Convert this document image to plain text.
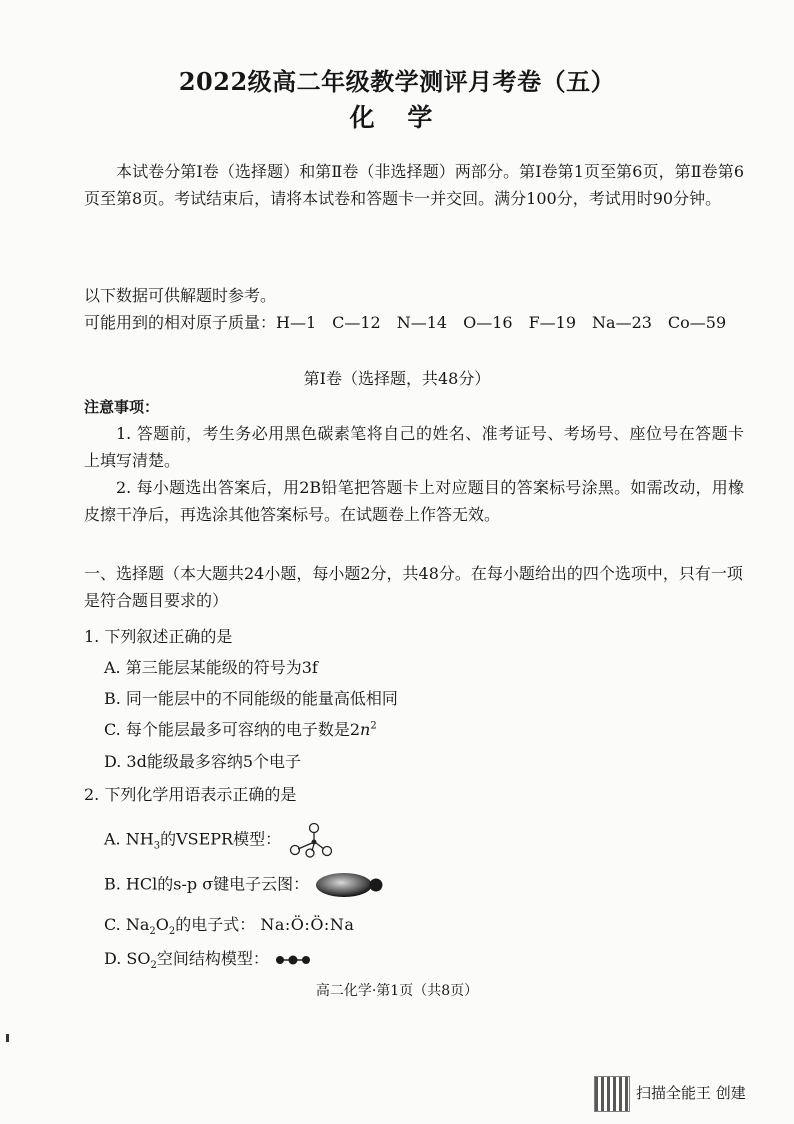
2022级高二年级教学测评月考卷（五）
化 学
本试卷分第Ⅰ卷（选择题）和第Ⅱ卷（非选择题）两部分。第Ⅰ卷第1页至第6页，第Ⅱ卷第6页至第8页。考试结束后，请将本试卷和答题卡一并交回。满分100分，考试用时90分钟。
以下数据可供解题时参考。
可能用到的相对原子质量：H—1　C—12　N—14　O—16　F—19　Na—23　Co—59
第Ⅰ卷（选择题，共48分）
注意事项：
1. 答题前，考生务必用黑色碳素笔将自己的姓名、准考证号、考场号、座位号在答题卡上填写清楚。
2. 每小题选出答案后，用2B铅笔把答题卡上对应题目的答案标号涂黑。如需改动，用橡皮擦干净后，再选涂其他答案标号。在试题卷上作答无效。
一、选择题（本大题共24小题，每小题2分，共48分。在每小题给出的四个选项中，只有一项是符合题目要求的）
1. 下列叙述正确的是
A. 第三能层某能级的符号为3f
B. 同一能层中的不同能级的能量高低相同
C. 每个能层最多可容纳的电子数是$2n^2$
D. 3d能级最多容纳5个电子
2. 下列化学用语表示正确的是
A. $NH_3$的VSEPR模型：
B. HCl的s-p σ键电子云图：
C. $Na_2O_2$的电子式： Na:Ö:Ö:Na
D. $SO_2$空间结构模型：
高二化学·第1页（共8页）
扫描全能王 创建
